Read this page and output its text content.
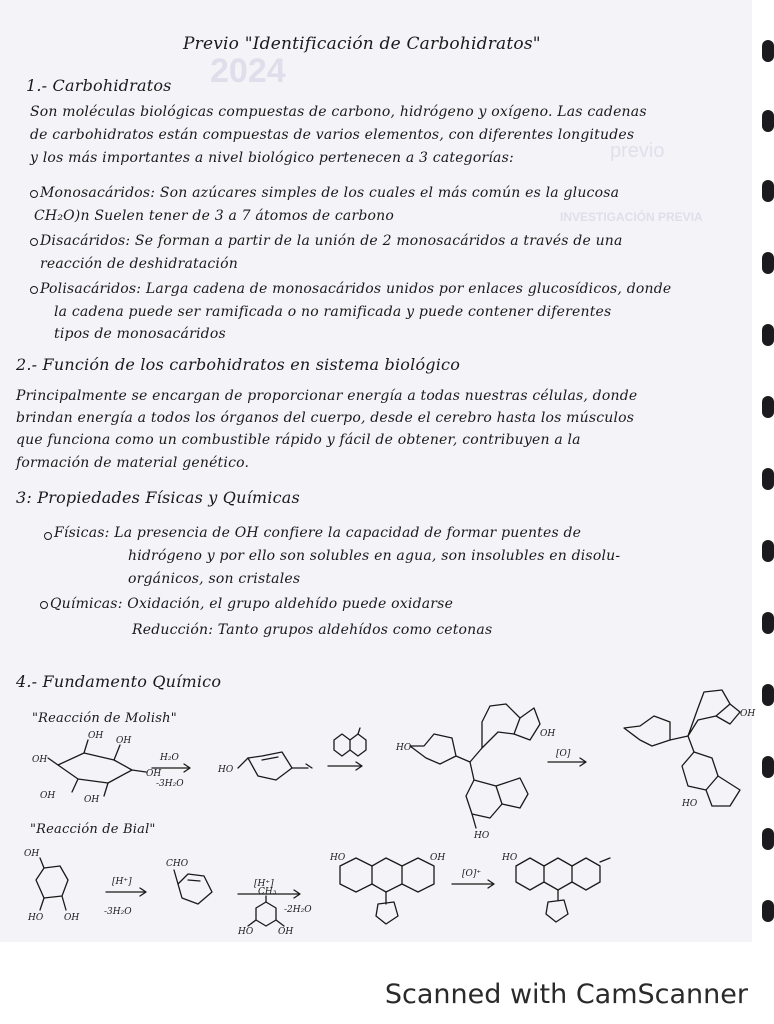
2024
previo
INVESTIGACIÓN PREVIA
Previo "Identificación de Carbohidratos"
1.- Carbohidratos
Son moléculas biológicas compuestas de carbono, hidrógeno y oxígeno. Las cadenas
de carbohidratos están compuestas de varios elementos, con diferentes longitudes
y los más importantes a nivel biológico pertenecen a 3 categorías:
Monosacáridos: Son azúcares simples de los cuales el más común es la glucosa
CH₂O)n Suelen tener de 3 a 7 átomos de carbono
Disacáridos: Se forman a partir de la unión de 2 monosacáridos a través de una
reacción de deshidratación
Polisacáridos: Larga cadena de monosacáridos unidos por enlaces glucosídicos, donde
la cadena puede ser ramificada o no ramificada y puede contener diferentes
tipos de monosacáridos
2.- Función de los carbohidratos en sistema biológico
Principalmente se encargan de proporcionar energía a todas nuestras células, donde
brindan energía a todos los órganos del cuerpo, desde el cerebro hasta los músculos
que funciona como un combustible rápido y fácil de obtener, contribuyen a la
formación de material genético.
3: Propiedades Físicas y Químicas
Físicas: La presencia de OH confiere la capacidad de formar puentes de
hidrógeno y por ello son solubles en agua, son insolubles en disolu-
orgánicos, son cristales
Químicas: Oxidación, el grupo aldehído puede oxidarse
Reducción: Tanto grupos aldehídos como cetonas
4.- Fundamento Químico
"Reacción de Molish"
"Reacción de Bial"
OH OH
OH
OH	OH
OH
H₂O
-3H₂O
HO
HO
OH
HO
[O]
OH
HO
OH
HO OH
[H⁺]
-3H₂O
CHO
[H⁺]
-2H₂O
CH₃
HO	OH
HO	OH
[O]⁺
HO
Scanned with CamScanner
